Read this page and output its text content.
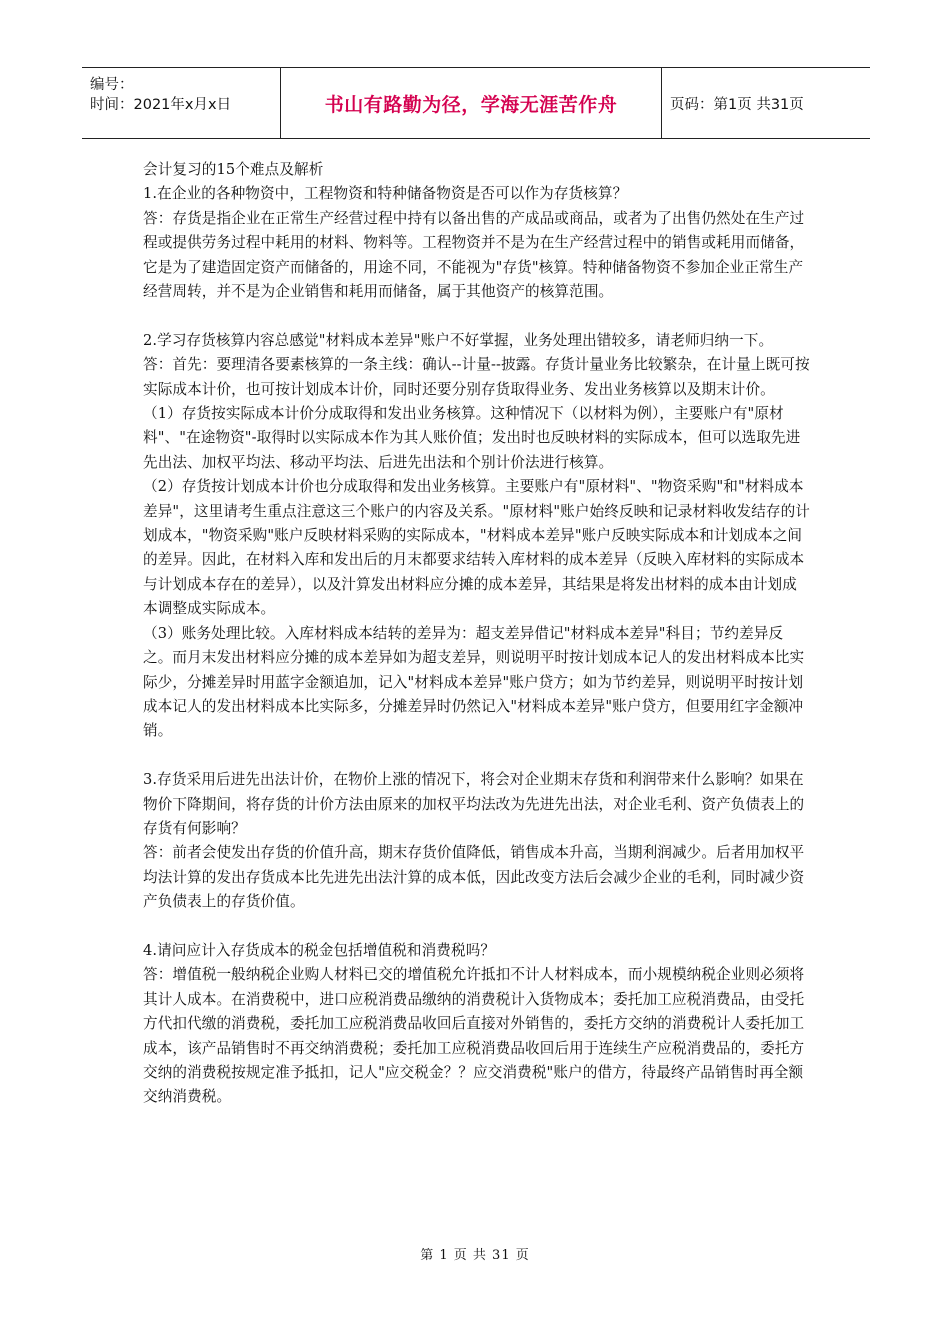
编号：
时间：2021年x月x日	书山有路勤为径，学海无涯苦作舟	页码：第1页 共31页

会计复习的15个难点及解析

1.在企业的各种物资中，工程物资和特种储备物资是否可以作为存货核算？

答：存货是指企业在正常生产经营过程中持有以备出售的产成品或商品，或者为了出售仍然处在生产过程或提供劳务过程中耗用的材料、物料等。工程物资并不是为在生产经营过程中的销售或耗用而储备，它是为了建造固定资产而储备的，用途不同，不能视为"存货"核算。特种储备物资不参加企业正常生产经营周转，并不是为企业销售和耗用而储备，属于其他资产的核算范围。

2.学习存货核算内容总感觉"材料成本差异"账户不好掌握，业务处理出错较多，请老师归纳一下。

答：首先：要理清各要素核算的一条主线：确认--计量--披露。存货计量业务比较繁杂，在计量上既可按实际成本计价，也可按计划成本计价，同时还要分别存货取得业务、发出业务核算以及期末计价。

（1）存货按实际成本计价分成取得和发出业务核算。这种情况下（以材料为例），主要账户有"原材料"、"在途物资"-取得时以实际成本作为其人账价值；发出时也反映材料的实际成本，但可以选取先进先出法、加权平均法、移动平均法、后进先出法和个别计价法进行核算。

（2）存货按计划成本计价也分成取得和发出业务核算。主要账户有"原材料"、"物资采购"和"材料成本差异"，这里请考生重点注意这三个账户的内容及关系。"原材料"账户始终反映和记录材料收发结存的计划成本，"物资采购"账户反映材料采购的实际成本，"材料成本差异"账户反映实际成本和计划成本之间的差异。因此，在材料入库和发出后的月末都要求结转入库材料的成本差异（反映入库材料的实际成本与计划成本存在的差异），以及汁算发出材料应分摊的成本差异，其结果是将发出材料的成本由计划成本调整成实际成本。

（3）账务处理比较。入库材料成本结转的差异为：超支差异借记"材料成本差异"科目；节约差异反之。而月末发出材料应分摊的成本差异如为超支差异，则说明平时按计划成本记人的发出材料成本比实际少，分摊差异时用蓝字金额追加，记入"材料成本差异"账户贷方；如为节约差异，则说明平时按计划成本记人的发出材料成本比实际多，分摊差异时仍然记入"材料成本差异"账户贷方，但要用红字金额冲销。

3.存货采用后进先出法计价，在物价上涨的情况下，将会对企业期末存货和利润带来什么影响？如果在物价下降期间，将存货的计价方法由原来的加权平均法改为先进先出法，对企业毛利、资产负债表上的存货有何影响？

答：前者会使发出存货的价值升高，期末存货价值降低，销售成本升高，当期利润减少。后者用加权平均法计算的发出存货成本比先进先出法汁算的成本低，因此改变方法后会减少企业的毛利，同时减少资产负债表上的存货价值。

4.请问应计入存货成本的税金包括增值税和消费税吗？

答：增值税一般纳税企业购人材料已交的增值税允许抵扣不计人材料成本，而小规模纳税企业则必须将其计人成本。在消费税中，进口应税消费品缴纳的消费税计入货物成本；委托加工应税消费品，由受托方代扣代缴的消费税，委托加工应税消费品收回后直接对外销售的，委托方交纳的消费税计人委托加工成本，该产品销售时不再交纳消费税；委托加工应税消费品收回后用于连续生产应税消费品的，委托方交纳的消费税按规定准予抵扣，记人"应交税金？？应交消费税"账户的借方，待最终产品销售时再全额交纳消费税。

第 1 页 共 31 页
